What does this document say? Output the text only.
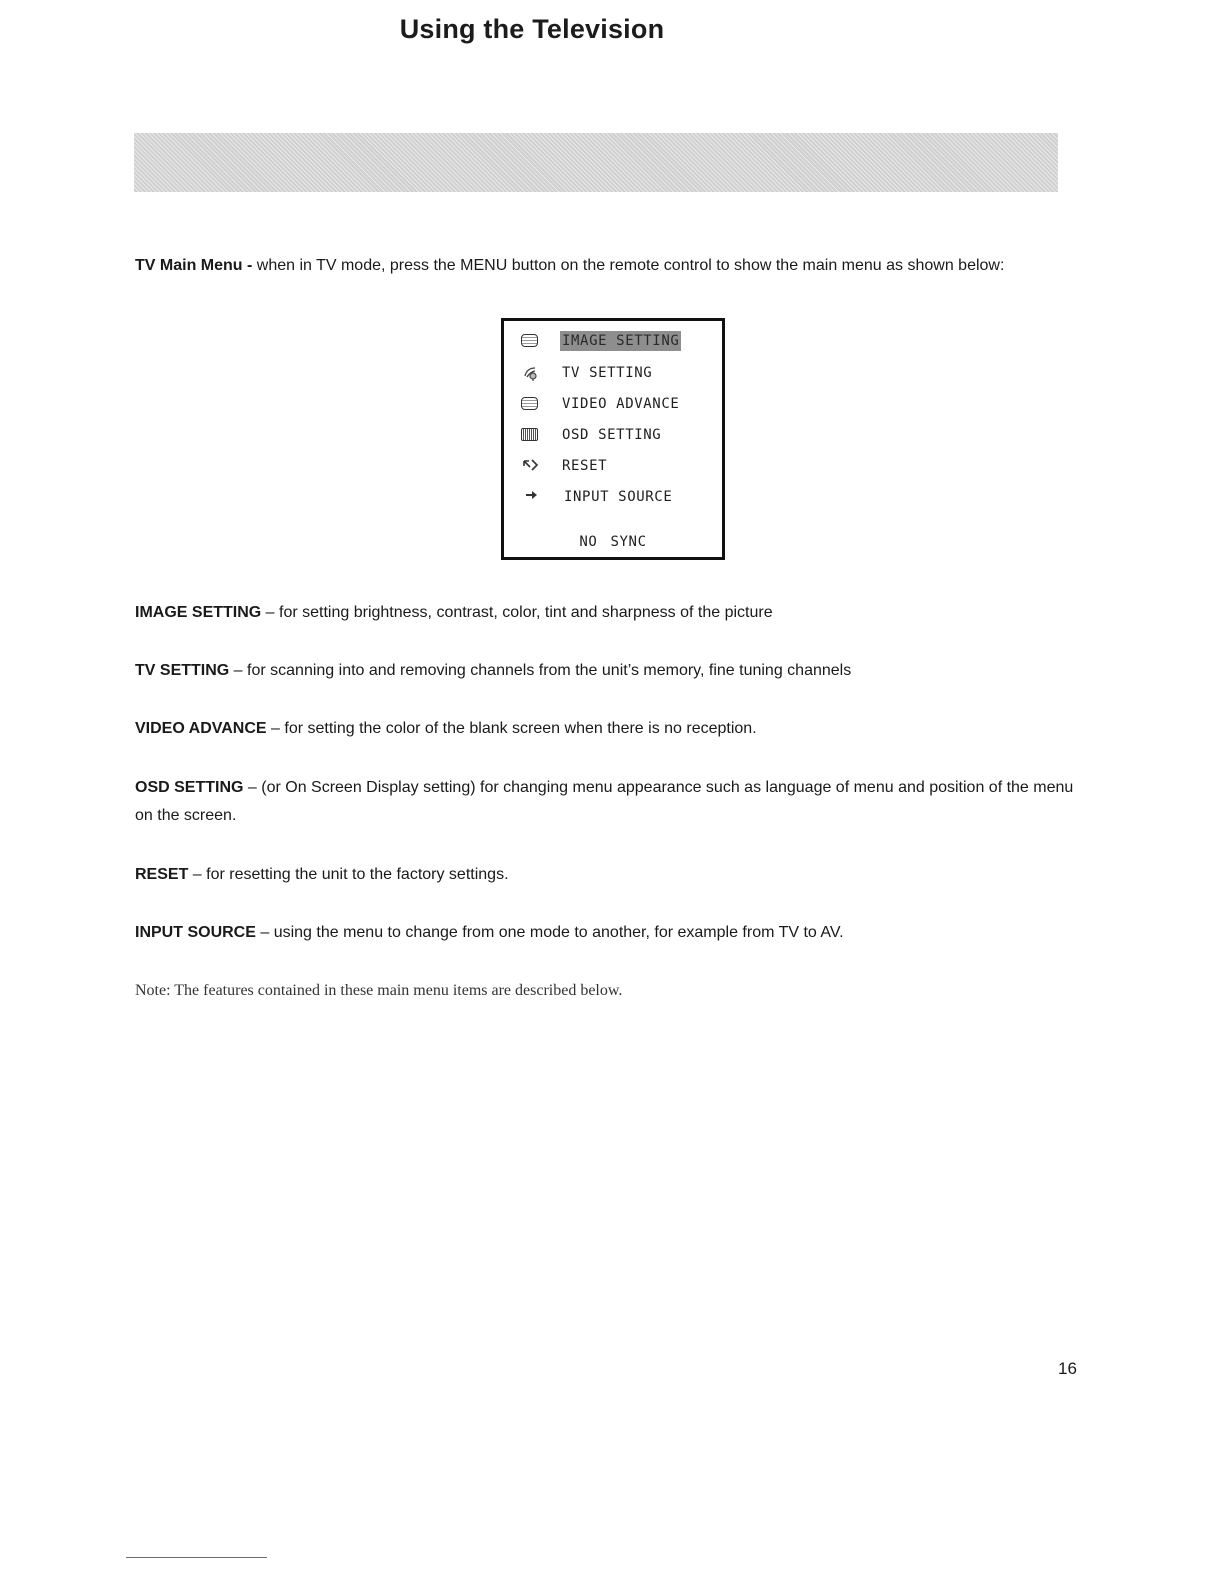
Using the Television
TV Main Menu - when in TV mode, press the MENU button on the remote control to show the main menu as shown below:
IMAGE SETTING
TV SETTING
VIDEO ADVANCE
OSD SETTING
RESET
INPUT SOURCE
NO SYNC
IMAGE SETTING – for setting brightness, contrast, color, tint and sharpness of the picture
TV SETTING – for scanning into and removing channels from the unit’s memory, fine tuning channels
VIDEO ADVANCE – for setting the color of the blank screen when there is no reception.
OSD SETTING – (or On Screen Display setting) for changing menu appearance such as language of menu and position of the menu on the screen.
RESET – for resetting the unit to the factory settings.
INPUT SOURCE – using the menu to change from one mode to another, for example from TV to AV.
Note: The features contained in these main menu items are described below.
16
